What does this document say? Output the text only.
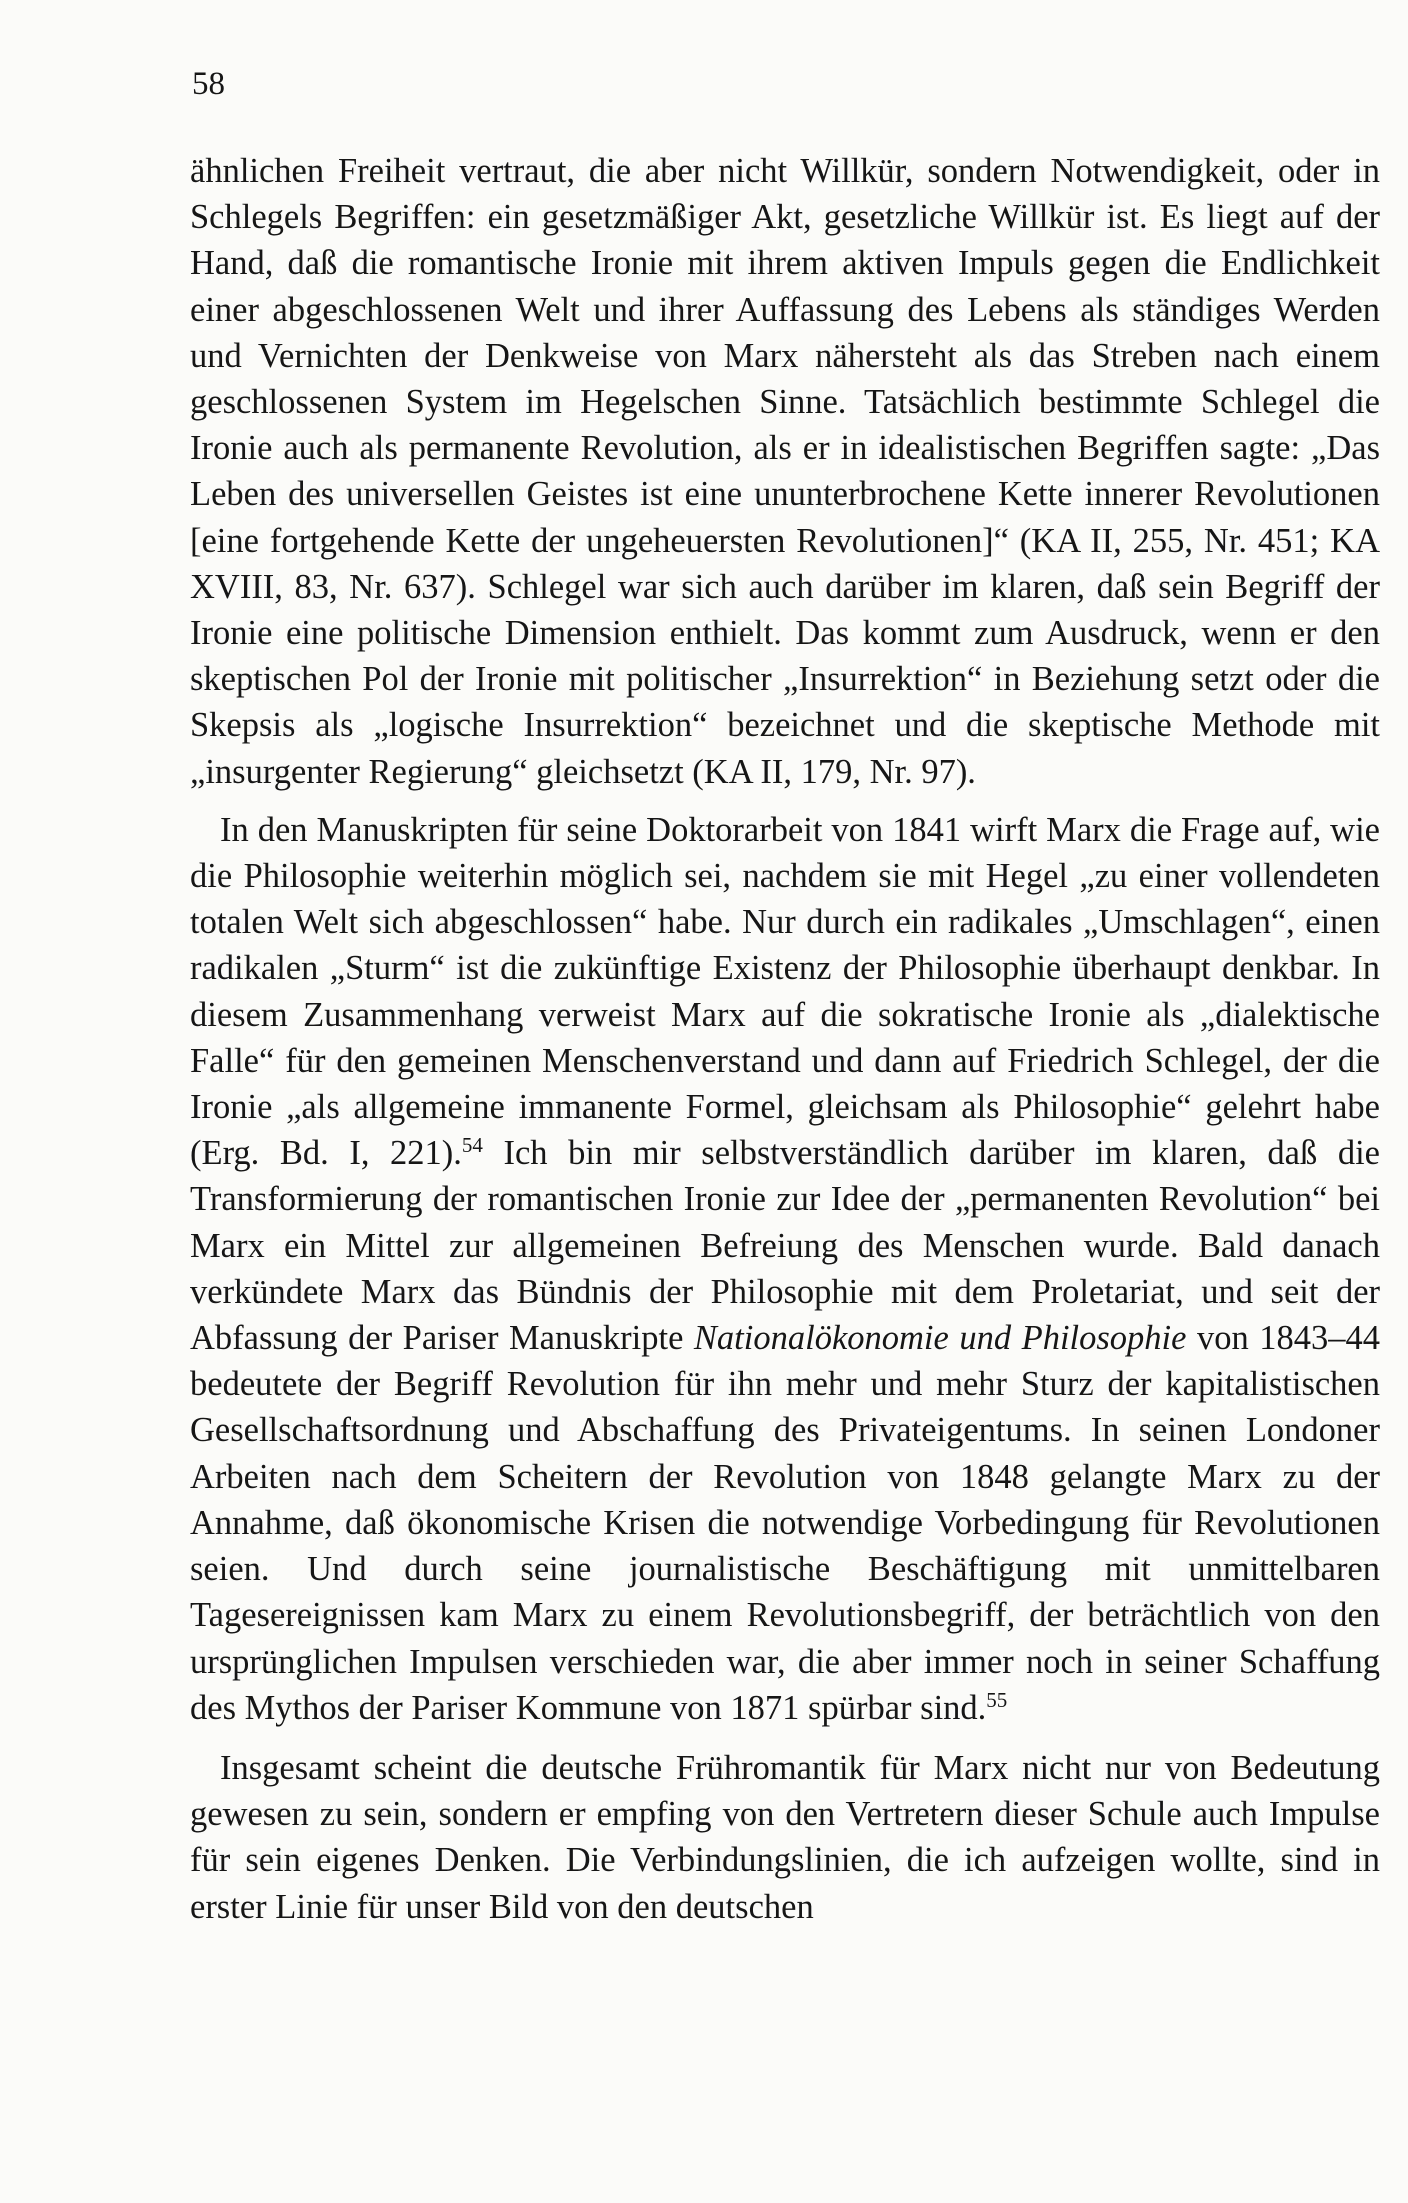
58

ähnlichen Freiheit vertraut, die aber nicht Willkür, sondern Notwendigkeit, oder in Schlegels Begriffen: ein gesetzmäßiger Akt, gesetzliche Willkür ist. Es liegt auf der Hand, daß die romantische Ironie mit ihrem aktiven Impuls gegen die Endlichkeit einer abgeschlossenen Welt und ihrer Auffassung des Lebens als ständiges Werden und Vernichten der Denkweise von Marx nähersteht als das Streben nach einem geschlossenen System im Hegelschen Sinne. Tatsächlich bestimmte Schlegel die Ironie auch als permanente Revolution, als er in idealistischen Begriffen sagte: „Das Leben des universellen Geistes ist eine ununterbrochene Kette innerer Revolutionen [eine fortgehende Kette der ungeheuersten Revolutionen]“ (KA II, 255, Nr. 451; KA XVIII, 83, Nr. 637). Schlegel war sich auch darüber im klaren, daß sein Begriff der Ironie eine politische Dimension enthielt. Das kommt zum Ausdruck, wenn er den skeptischen Pol der Ironie mit politischer „Insurrektion“ in Beziehung setzt oder die Skepsis als „logische Insurrektion“ bezeichnet und die skeptische Methode mit „insurgenter Regierung“ gleichsetzt (KA II, 179, Nr. 97).

In den Manuskripten für seine Doktorarbeit von 1841 wirft Marx die Frage auf, wie die Philosophie weiterhin möglich sei, nachdem sie mit Hegel „zu einer vollendeten totalen Welt sich abgeschlossen“ habe. Nur durch ein radikales „Umschlagen“, einen radikalen „Sturm“ ist die zukünftige Existenz der Philosophie überhaupt denkbar. In diesem Zusammenhang verweist Marx auf die sokratische Ironie als „dialektische Falle“ für den gemeinen Menschenverstand und dann auf Friedrich Schlegel, der die Ironie „als allgemeine immanente Formel, gleichsam als Philosophie“ gelehrt habe (Erg. Bd. I, 221).$^{54}$ Ich bin mir selbstverständlich darüber im klaren, daß die Transformierung der romantischen Ironie zur Idee der „permanenten Revolution“ bei Marx ein Mittel zur allgemeinen Befreiung des Menschen wurde. Bald danach verkündete Marx das Bündnis der Philosophie mit dem Proletariat, und seit der Abfassung der Pariser Manuskripte Nationalökonomie und Philosophie von 1843–44 bedeutete der Begriff Revolution für ihn mehr und mehr Sturz der kapitalistischen Gesellschaftsordnung und Abschaffung des Privateigentums. In seinen Londoner Arbeiten nach dem Scheitern der Revolution von 1848 gelangte Marx zu der Annahme, daß ökonomische Krisen die notwendige Vorbedingung für Revolutionen seien. Und durch seine journalistische Beschäftigung mit unmittelbaren Tagesereignissen kam Marx zu einem Revolutionsbegriff, der beträchtlich von den ursprünglichen Impulsen verschieden war, die aber immer noch in seiner Schaffung des Mythos der Pariser Kommune von 1871 spürbar sind.$^{55}$

Insgesamt scheint die deutsche Frühromantik für Marx nicht nur von Bedeutung gewesen zu sein, sondern er empfing von den Vertretern dieser Schule auch Impulse für sein eigenes Denken. Die Verbindungslinien, die ich aufzeigen wollte, sind in erster Linie für unser Bild von den deutschen
